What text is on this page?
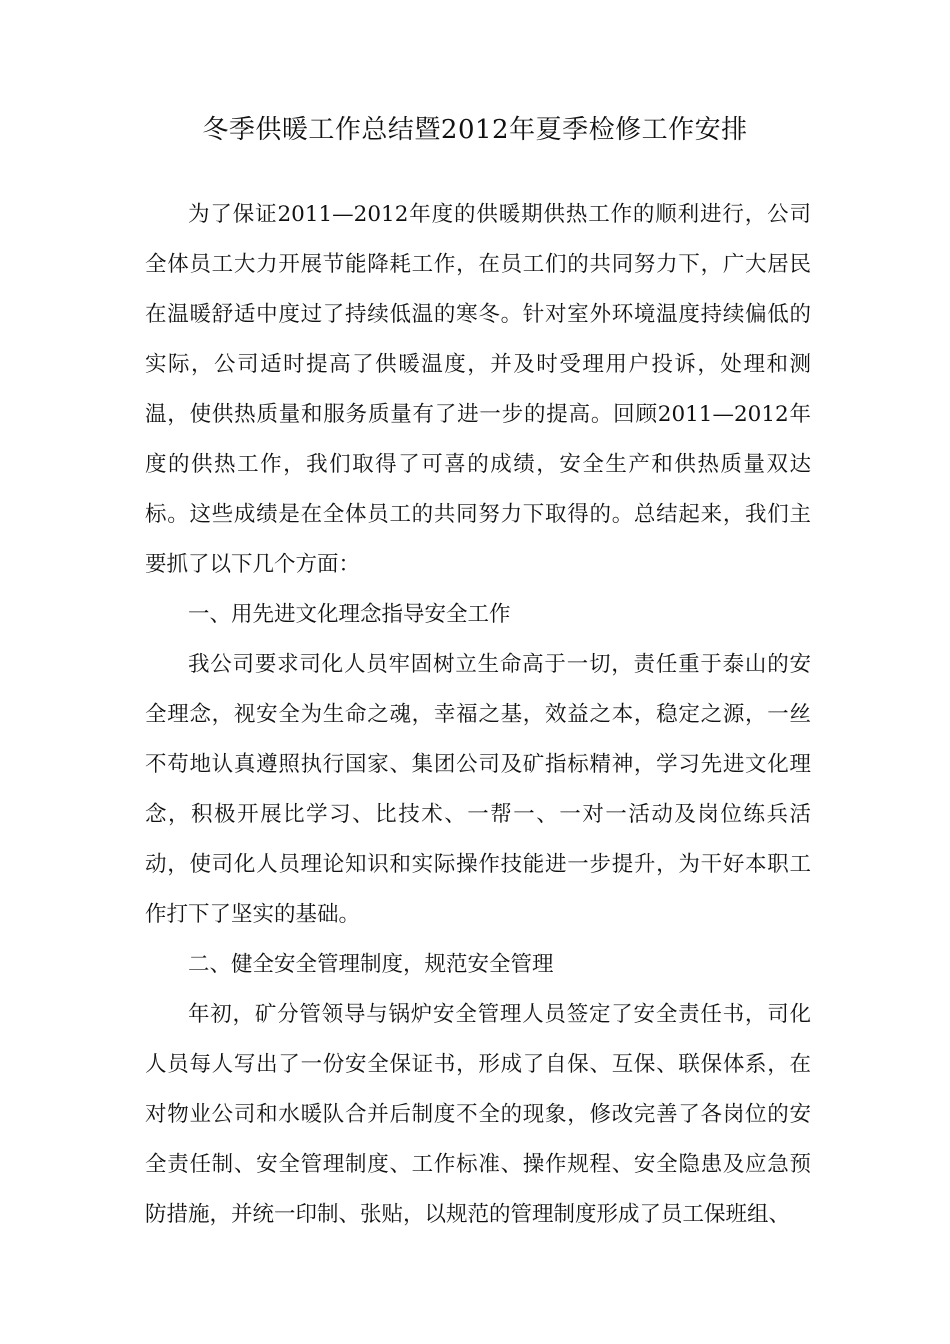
冬季供暖工作总结暨2012年夏季检修工作安排

为了保证2011—2012年度的供暖期供热工作的顺利进行，公司全体员工大力开展节能降耗工作，在员工们的共同努力下，广大居民在温暖舒适中度过了持续低温的寒冬。针对室外环境温度持续偏低的实际，公司适时提高了供暖温度，并及时受理用户投诉，处理和测温，使供热质量和服务质量有了进一步的提高。回顾2011—2012年度的供热工作，我们取得了可喜的成绩，安全生产和供热质量双达标。这些成绩是在全体员工的共同努力下取得的。总结起来，我们主要抓了以下几个方面：

一、用先进文化理念指导安全工作

我公司要求司化人员牢固树立生命高于一切，责任重于泰山的安全理念，视安全为生命之魂，幸福之基，效益之本，稳定之源，一丝不苟地认真遵照执行国家、集团公司及矿指标精神，学习先进文化理念，积极开展比学习、比技术、一帮一、一对一活动及岗位练兵活动，使司化人员理论知识和实际操作技能进一步提升，为干好本职工作打下了坚实的基础。

二、健全安全管理制度，规范安全管理

年初，矿分管领导与锅炉安全管理人员签定了安全责任书，司化人员每人写出了一份安全保证书，形成了自保、互保、联保体系，在对物业公司和水暖队合并后制度不全的现象，修改完善了各岗位的安全责任制、安全管理制度、工作标准、操作规程、安全隐患及应急预防措施，并统一印制、张贴，以规范的管理制度形成了员工保班组、
